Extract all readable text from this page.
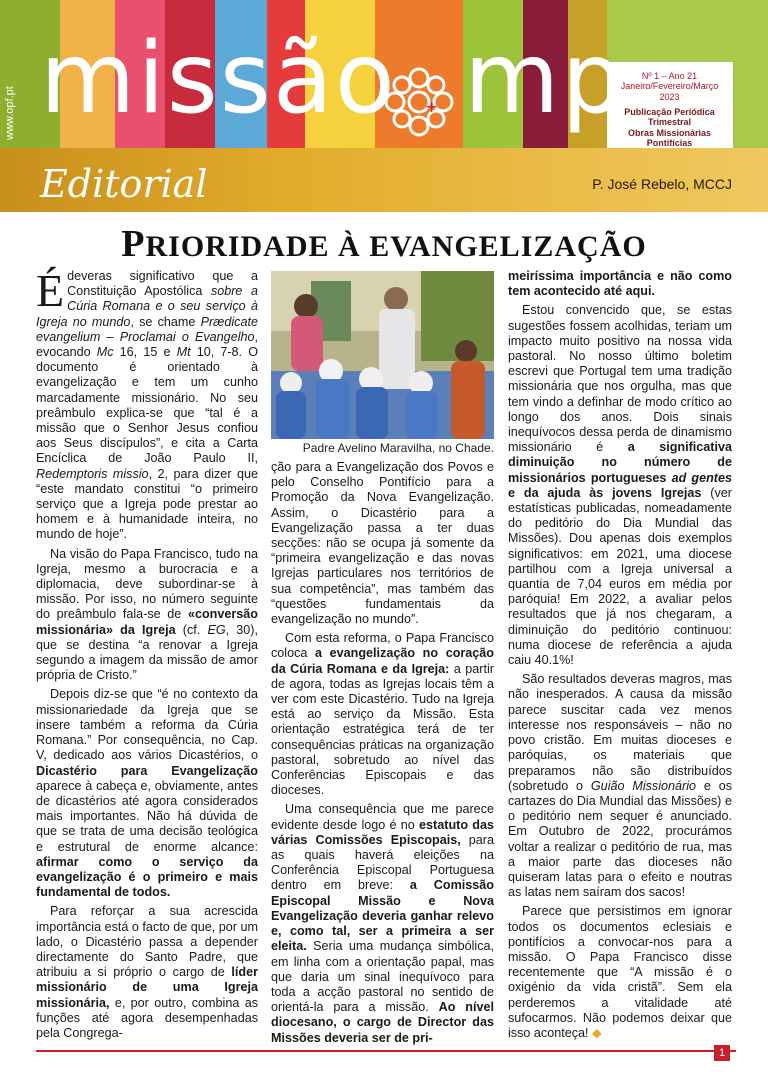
www.opf.pt missão + mp	Nº 1 – Ano 21
Janeiro/Fevereiro/Março
2023
Publicação Periódica Trimestral
Obras Missionárias Pontifícias
Editorial	P. José Rebelo, MCCJ
PRIORIDADE À EVANGELIZAÇÃO

Édeveras significativo que a Constituição Apostólica sobre a Cúria Romana e o seu serviço à Igreja no mundo, se chame Prædicate evangelium – Proclamai o Evangelho, evocando Mc 16, 15 e Mt 10, 7-8. O documento é orientado à evangelização e tem um cunho marcadamente missionário. No seu preâmbulo explica-se que “tal é a missão que o Senhor Jesus confiou aos Seus discípulos”, e cita a Carta Encíclica de João Paulo II, Redemptoris missio, 2, para dizer que “este mandato constitui “o primeiro serviço que a Igreja pode prestar ao homem e à humanidade inteira, no mundo de hoje”.

Na visão do Papa Francisco, tudo na Igreja, mesmo a burocracia e a diplomacia, deve subordinar-se à missão. Por isso, no número seguinte do preâmbulo fala-se de «conversão missionária» da Igreja (cf. EG, 30), que se destina “a renovar a Igreja segundo a imagem da missão de amor própria de Cristo.”

Depois diz-se que “é no contexto da missionariedade da Igreja que se insere também a reforma da Cúria Romana.” Por consequência, no Cap. V, dedicado aos vários Dicastérios, o Dicastério para Evangelização aparece à cabeça e, obviamente, antes de dicastérios até agora considerados mais importantes. Não há dúvida de que se trata de uma decisão teológica e estrutural de enorme alcance: afirmar como o serviço da evangelização é o primeiro e mais fundamental de todos.

Para reforçar a sua acrescida importância está o facto de que, por um lado, o Dicastério passa a depender directamente do Santo Padre, que atribuiu a si próprio o cargo de líder missionário de uma Igreja missionária, e, por outro, combina as funções até agora desempenhadas pela Congrega-

Padre Avelino Maravilha, no Chade.

ção para a Evangelização dos Povos e pelo Conselho Pontifício para a Promoção da Nova Evangelização. Assim, o Dicastério para a Evangelização passa a ter duas secções: não se ocupa já somente da “primeira evangelização e das novas Igrejas particulares nos territórios de sua competência”, mas também das “questões fundamentais da evangelização no mundo”.

Com esta reforma, o Papa Francisco coloca a evangelização no coração da Cúria Romana e da Igreja: a partir de agora, todas as Igrejas locais têm a ver com este Dicastério. Tudo na Igreja está ao serviço da Missão. Esta orientação estratégica terá de ter consequências práticas na organização pastoral, sobretudo ao nível das Conferências Episcopais e das dioceses.

Uma consequência que me parece evidente desde logo é no estatuto das várias Comissões Episcopais, para as quais haverá eleições na Conferência Episcopal Portuguesa dentro em breve: a Comissão Episcopal Missão e Nova Evangelização deveria ganhar relevo e, como tal, ser a primeira a ser eleita. Seria uma mudança simbólica, em linha com a orientação papal, mas que daria um sinal inequívoco para toda a acção pastoral no sentido de orientá-la para a missão. Ao nível diocesano, o cargo de Director das Missões deveria ser de pri-

meiríssima importância e não como tem acontecido até aqui.

Estou convencido que, se estas sugestões fossem acolhidas, teriam um impacto muito positivo na nossa vida pastoral. No nosso último boletim escrevi que Portugal tem uma tradição missionária que nos orgulha, mas que tem vindo a definhar de modo crítico ao longo dos anos. Dois sinais inequívocos dessa perda de dinamismo missionário é a significativa diminuição no número de missionários portugueses ad gentes e da ajuda às jovens Igrejas (ver estatísticas publicadas, nomeadamente do peditório do Dia Mundial das Missões). Dou apenas dois exemplos significativos: em 2021, uma diocese partilhou com a Igreja universal a quantia de 7,04 euros em média por paróquia! Em 2022, a avaliar pelos resultados que já nos chegaram, a diminuição do peditório continuou: numa diocese de referência a ajuda caiu 40.1%!

São resultados deveras magros, mas não inesperados. A causa da missão parece suscitar cada vez menos interesse nos responsáveis – não no povo cristão. Em muitas dioceses e paróquias, os materiais que preparamos não são distribuídos (sobretudo o Guião Missionário e os cartazes do Dia Mundial das Missões) e o peditório nem sequer é anunciado. Em Outubro de 2022, procurámos voltar a realizar o peditório de rua, mas a maior parte das dioceses não quiseram latas para o efeito e noutras as latas nem saíram dos sacos!

Parece que persistimos em ignorar todos os documentos eclesiais e pontifícios a convocar-nos para a missão. O Papa Francisco disse recentemente que “A missão é o oxigénio da vida cristã”. Sem ela perderemos a vitalidade até sufocarmos. Não podemos deixar que isso aconteça! ◆

1
